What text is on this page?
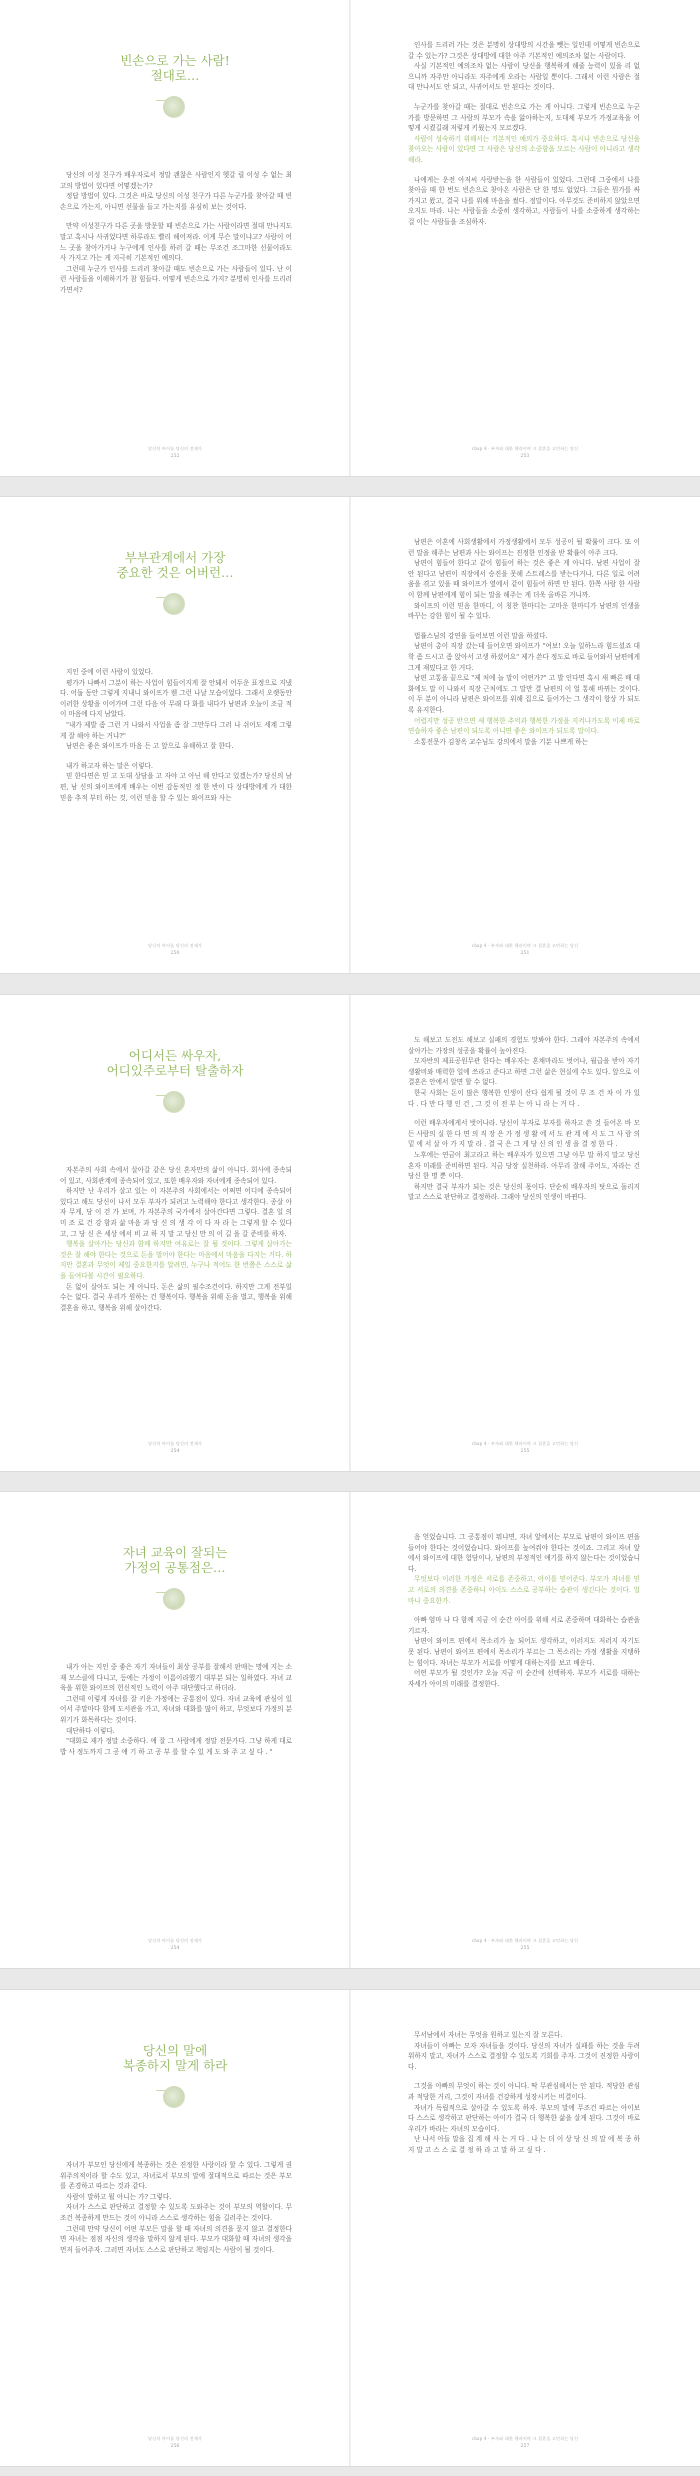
빈손으로 가는 사람!
절대로…

당신의 이성 친구가 배우자로서 정말 괜찮은 사람인지 헷갈 릴 이성 수 없는 최고의 방법이 있다면 어떻겠는가?

정답 방법이 있다. 그것은 바로 당신의 이성 친구가 다른 누군가를 찾아갈 때 빈손으로 가는지, 아니면 선물을 들고 가는지를 유심히 보는 것이다.

만약 이성친구가 다른 곳을 방문할 때 빈손으로 가는 사람이라면 절대 만나지도 말고 혹시나 사귀었다면 하루라도 빨리 헤어져라. 이게 무슨 말이냐고? 사람이 어느 곳을 찾아가거나 누구에게 인사를 하러 갈 때는 무조건 조그마한 선물이라도 사 가지고 가는 게 지극히 기본적인 예의다.

그런데 누군가 인사를 드리러 찾아갈 때도 빈손으로 가는 사람들이 있다. 난 이런 사람들을 이해하기가 참 힘들다. 어떻게 빈손으로 가지? 분명히 인사를 드리러 가면서?

당신의 아이를 당신의 전재가
252

인사를 드리러 가는 것은 분명히 상대방의 시간을 뺏는 일인데 어떻게 빈손으로 갈 수 있는가? 그것은 상대방에 대한 아주 기본적인 예의조차 없는 사람이다.

사실 기본적인 예의조차 없는 사람이 당신을 행복하게 해줄 능력이 있을 리 없으니까 자주만 아니라도 자주에게 오라는 사람일 뿐이다. 그래서 이런 사람은 절대 만나서도 안 되고, 사귀어서도 안 된다는 것이다.

누군가를 찾아갈 때는 절대로 빈손으로 가는 게 아니다. 그렇게 빈손으로 누군가를 방문하면 그 사람의 부모가 속을 앓아하는지, 도대체 부모가 가정교육을 어떻게 시켰길래 저렇게 키웠는지 모르겠다.

사람이 성숙하기 위해서는 기본적인 예의가 중요하다. 혹시나 빈손으로 당신을 찾아오는 사람이 있다면 그 사람은 당신의 소중함을 모르는 사람이 아니라고 생각해라.

나에게는 운전 아저씨 사랑받는을 한 사람들이 있었다. 그런데 그중에서 나를 찾아올 때 한 번도 빈손으로 찾아온 사람은 단 한 명도 없었다. 그들은 뭔가를 싸 가지고 왔고, 결국 나를 위해 마음을 썼다. 정말이다. 아무것도 준비하지 않았으면 오지도 마라. 나는 사람들을 소중히 생각하고, 사람들이 나를 소중하게 생각하는 걸 이는 사람들을 조심하자.

chap 4 · 부자와 대한 핸과이야 크 결혼을 고민하는 당신
253
부부관계에서 가장
중요한 것은 어버런…

지인 중에 이런 사람이 있었다.

평가가 나빠서 그분이 하는 사업이 힘들어지게 잘 안돼서 어두운 표정으로 지냈다. 어둡 동안 그렇게 지내니 와이프가 웬 그런 나날 모습이었다. 그래서 오랫동안 이러한 상황을 이어가며 그런 다음 아 무래 다 화를 내다가 남편과 오늘이 조금 적이 마음에 다지 남았다.

"내가 제발 좀 그런 거 나와서 사업을 좀 잘 그만두다 그러 나 쉬어도 세계 그렇게 잘 해야 하는 거냐?"

남편은 좋은 와이프가 마음 든 고 앞으로 유해하고 잘 한다.

내가 하고자 하는 말은 이렇다.

믿 한다면은 믿 고 도대 상담을 고 자야 고 아닌 해 안다고 있겠는가? 당신의 남편, 남 신의 와이프에게 배우는 이번 감동적인 정 한 반이 다 상대방에게 가 대한 믿음 추적 부터 하는 것, 이런 믿음 할 수 있는 와이프와 사는

당신의 아이를 당신의 전재가
250

남편은 이혼에 사회생활에서 가정생활에서 모두 성공이 될 확률이 크다. 또 이런 말을 해주는 남편과 사는 와이프는 진정한 인정을 받 확률이 아주 크다.

남편이 힘들어 한다고 같이 힘들어 하는 것은 좋은 게 아니다. 남편 사업이 잘 안 된다고 남편이 직장에서 승진을 못해 스트레스를 받는다거나, 다른 일로 어려움을 겪고 있을 때 와이프가 옆에서 같이 힘들어 하면 안 된다. 한쪽 사람 한 사람이 함께 남편에게 힘이 되는 말을 해주는 게 더욱 올바른 거니까.

와이프의 이런 믿음 한마디, 이 칭찬 한마디는 고마운 한마디가 남편의 인생을 바꾸는 강한 힘이 될 수 있다.

법률스님의 강연을 들어보면 이런 말을 하셨다.

남편이 총이 직장 갔는데 들어오면 와이프가 "여보! 오늘 일하느라 힘드셨죠 대학 좀 드시고 좀 앉아서 고생 하셨어요" 제가 쓴다 정도로 바로 들어와서 남편에게 그게 재밌다고 한 거다.

남편 고통을 끝으로 "제 처에 늘 말이 어떤가?" 고 발 인다면 혹시 새 빠른 배 대화에도 말 이 나와서 직장 근처에도 그 말만 결 남편의 이 얼 통해 바뀌는 것이다. 이 두 분이 아니라 남편은 와이프를 위해 집으로 들어가는 그 생각이 항상 가 되도록 유지한다.

어렵지만 성공 받으면 새 행복한 추억과 행복한 가정을 지켜나가도록 이제 바로 연습하자 좋은 남편이 되도록 아니면 좋은 와이프가 되도록 말이다.

소통전문가 김창옥 교수님도 강의에서 말을 기분 나쁘게 하는

chap 4 · 부자와 대한 핸과이야 크 결혼을 고민하는 당신
251
어디서든 싸우자,
어디있주로부터 탈출하자

자본주의 사회 속에서 살아갈 같은 당신 혼자만의 삶이 아니다. 회사에 종속되어 있고, 사회관계에 종속되어 있고, 또한 배우자와 자녀에게 종속되어 있다.

하지만 난 우리가 살고 있는 이 자본주의 사회에서는 어쩌면 어디에 종속되어 있다고 해도 당신이 나서 모두 부자가 되려고 노력해야 한다고 생각한다. 종살 아 자 무게, 당 이 걷 가 보며, 가 자본주의 국가에서 살아간다면 그렇다. 결혼 일 의 미 조 로 건 강 함과 삶 마음 과 당 신 의 생 각 이 다 자 라 는 그렇게 할 수 있다고, 그 당 신 은 세상 에서 비 교 하 지 말 고 당신 만 의 이 길 을 갈 준비를 하자.

행복을 살아가는 당신과 함께 하지만 여유로는 잘 될 것이다. 그렇게 살아가는 것은 잘 해야 한다는 것으로 돈을 벌어야 한다는 마음에서 마음을 다지는 거다. 하지만 결혼과 무엇이 제일 중요한지를 알려면, 누구나 적어도 한 번쯤은 스스로 삶을 들여다볼 시간이 필요하다.

돈 없이 살아도 되는 게 아니다. 돈은 삶의 필수조건이다. 하지만 그게 전부일 수는 없다. 결국 우리가 원하는 건 행복이다. 행복을 위해 돈을 벌고, 행복을 위해 결혼을 하고, 행복을 위해 살아간다.

당신의 아이를 당신의 전재가
254

도 해보고 도전도 해보고 실패의 경험도 맛봐야 한다. 그래야 자본주의 속에서 살아가는 가장의 성공을 확률이 높아진다.

모자반의 제표공원무관 한다는 배우자는 혼채마라도 벗어나, 월급을 받아 자기 생활비와 매력한 일에 쓰라고 준다고 하면 그런 삶은 현실에 수도 있다. 앞으로 이 결혼은 안에서 알면 할 수 없다.

한국 사회는 돈이 많은 행복한 인생이 산다 쉽게 될 것이 무 조 건 차 이 가 있 다 . 다 만 다 행 인 건 , 그 것 이 전 부 는 아 니 라 는 거 다 .

이런 배우자에게서 벗어나라. 당신이 부자로 부자를 하자고 쓴 것 들어온 바 모든 사람의 실 한 다 면 의 직 장 은 가 정 생 활 에 서 도 관 계 에 서 도 그 사 람 의 밑 에 서 살 아 가 지 말 라 . 결 국 은 그 게 당 신 의 인 생 을 결 정 한 다 .

노후에는 연금이 최고라고 하는 배우자가 있으면 그냥 아무 말 하지 말고 당신 혼자 미래를 준비하면 된다. 지금 당장 실천하라. 아무리 잘해 주어도, 자라는 건 당신 한 명 뿐 이다.

하지만 결국 부자가 되는 것은 당신의 몫이다. 단순히 배우자의 탓으로 돌리지 말고 스스로 판단하고 결정하라. 그래야 당신의 인생이 바뀐다.

chap 4 · 부자와 대한 핸과이야 크 결혼을 고민하는 당신
255
자녀 교육이 잘되는
가정의 공통점은…

내가 아는 지인 중 좋은 자기 자녀들이 최상 공부를 잘해서 판매는 명예 지는 소재 모스클에 다니고, 등에는 가정이 이름이라했기 대부분 되는 일하였다. 자녀 교육을 위한 와이프의 헌신적인 노력이 아주 대단했다고 하더라.

그런데 이렇게 자녀를 잘 키운 가정에는 공통점이 있다. 자녀 교육에 관심이 있어서 주말마다 함께 도서관을 가고, 자녀와 대화를 많이 하고, 무엇보다 가정의 분위기가 화목하다는 것이다.

대단하다 이렇다.

"대화로 재가 정말 소중하다. 얘 잘 그 사람에게 정말 전문가다. 그냥 하게 대로 밥 사 정도까지 그 공 얘 기 하 고 공 부 를 할 수 있 게 도 와 주 고 싶 다 . "

당신의 아이를 당신의 전재가
254

음 얻었습니다. 그 공통점이 뭐냐면, 자녀 앞에서는 부모로 남편이 와이프 편을 들어야 한다는 것이었습니다. 와이프를 높여줘야 한다는 것이죠. 그리고 자녀 앞에서 와이프에 대한 험담이나, 남편의 부정적인 얘기를 하지 않는다는 것이었습니다.

무엇보다 이러한 가정은 서로를 존중하고, 아이를 믿어준다. 부모가 자녀를 믿고 서로의 의견을 존중하니 아이도 스스로 공부하는 습관이 생긴다는 것이다. 얼마나 중요한가.

아빠 엄마 나 다 함께 지금 이 순간 아이를 위해 서로 존중하며 대화하는 습관을 기르자.

남편이 와이프 편에서 목소리가 높 되어도 생각하고, 이러지도 저러지 자기도 못 된다. 남편이 와이프 편에서 목소리가 부르는 그 목소리는 가정 생활을 지탱하는 힘이다. 자녀는 부모가 서로를 어떻게 대하는지를 보고 배운다.

어떤 부모가 될 것인가? 오늘 지금 이 순간에 선택하자. 부모가 서로를 대하는 자세가 아이의 미래를 결정한다.

chap 4 · 부자와 대한 핸과이야 크 결혼을 고민하는 당신
255
당신의 말에
복종하지 말게 하라

자녀가 부모인 당신에게 복종하는 것은 진정한 사랑이라 할 수 있다. 그렇게 권위주의적이라 할 수도 있고, 자녀로서 부모의 말에 절대적으로 따르는 것은 부모를 존경하고 따르는 것과 같다.

사람이 말하고 뭘 아니는 가? 그렇다.

자녀가 스스로 판단하고 결정할 수 있도록 도와주는 것이 부모의 역할이다. 무조건 복종하게 만드는 것이 아니라 스스로 생각하는 힘을 길러주는 것이다.

그런데 만약 당신이 어떤 부모든 말을 할 때 자녀의 의견을 묻지 않고 결정한다면 자녀는 점점 자신의 생각을 말하지 않게 된다. 부모가 대화할 때 자녀의 생각을 먼저 들어주자. 그러면 자녀도 스스로 판단하고 책임지는 사람이 될 것이다.

당신의 아이를 당신의 전재가
256

무서남에서 자녀는 무엇을 원하고 있는지 잘 모른다.

자녀들이 아빠는 모자 자녀들을 것이다. 당신의 자녀가 실패를 하는 것을 두려워하지 말고, 자녀가 스스로 결정할 수 있도록 기회를 주자. 그것이 진정한 사랑이다.

그것을 아빠의 무엇이 하는 것이 아니다. 딱 무관심해서는 안 된다. 적당한 관심과 적당한 거리, 그것이 자녀를 건강하게 성장시키는 비결이다.

자녀가 독립적으로 살아갈 수 있도록 하자. 부모의 말에 무조건 따르는 아이보다 스스로 생각하고 판단하는 아이가 결국 더 행복한 삶을 살게 된다. 그것이 바로 우리가 바라는 자녀의 모습이다.

난 나서 아들 말을 집 계 해 사 는 거 다 . 나 는 더 이 상 당 신 의 말 에 복 종 하 지 말 고 스 스 로 결 정 하 라 고 말 하 고 싶 다 .

chap 4 · 부자와 대한 핸과이야 크 결혼을 고민하는 당신
257
